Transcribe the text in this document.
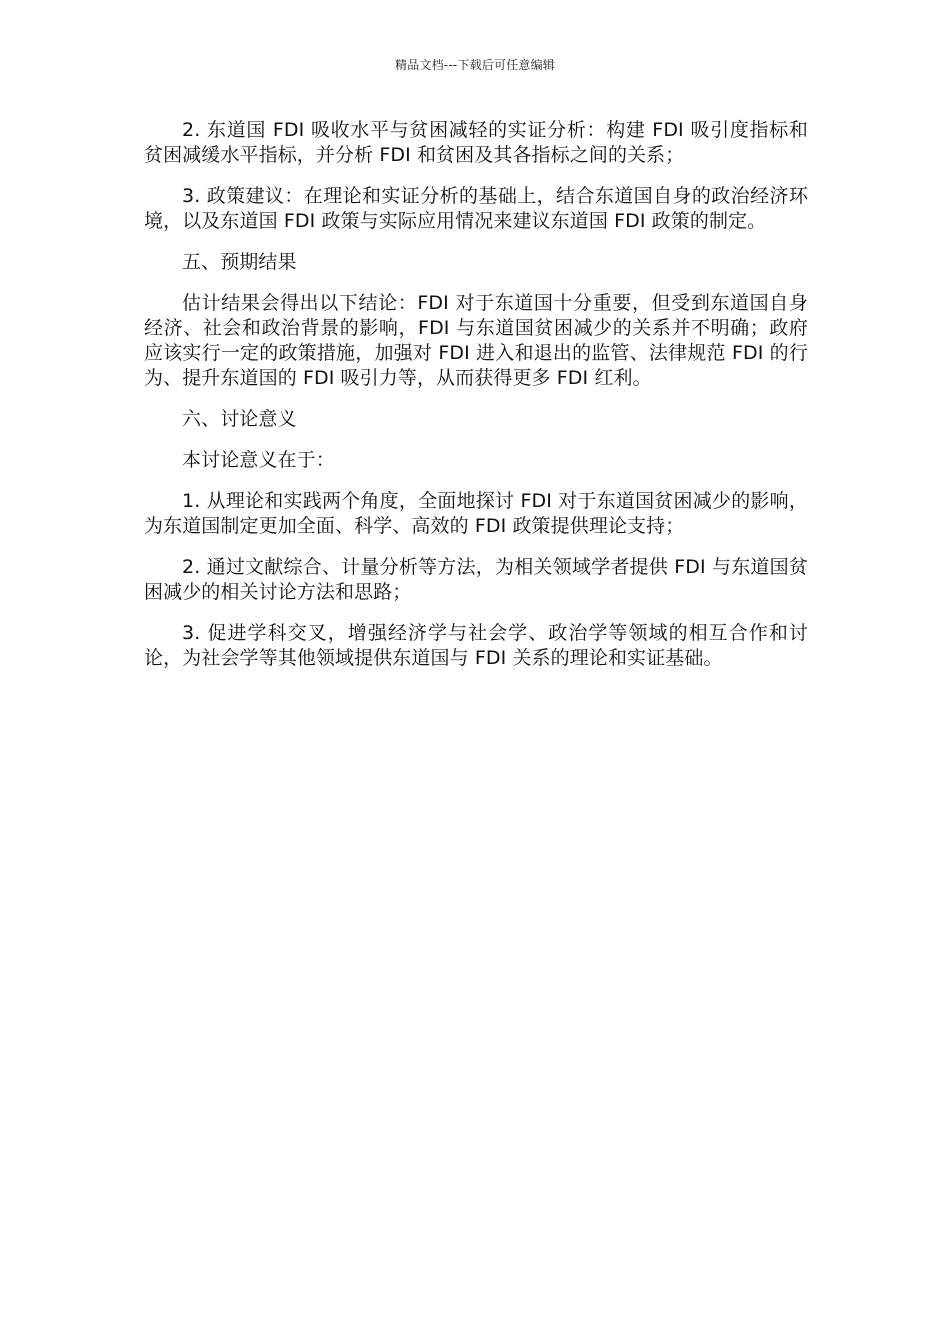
精品文档---下载后可任意编辑

2. 东道国 FDI 吸收水平与贫困减轻的实证分析：构建 FDI 吸引度指标和贫困减缓水平指标，并分析 FDI 和贫困及其各指标之间的关系；

3. 政策建议：在理论和实证分析的基础上，结合东道国自身的政治经济环境，以及东道国 FDI 政策与实际应用情况来建议东道国 FDI 政策的制定。

五、预期结果

估计结果会得出以下结论：FDI 对于东道国十分重要，但受到东道国自身经济、社会和政治背景的影响，FDI 与东道国贫困减少的关系并不明确；政府应该实行一定的政策措施，加强对 FDI 进入和退出的监管、法律规范 FDI 的行为、提升东道国的 FDI 吸引力等，从而获得更多 FDI 红利。

六、讨论意义

本讨论意义在于：

1. 从理论和实践两个角度，全面地探讨 FDI 对于东道国贫困减少的影响，为东道国制定更加全面、科学、高效的 FDI 政策提供理论支持；

2. 通过文献综合、计量分析等方法，为相关领域学者提供 FDI 与东道国贫困减少的相关讨论方法和思路；

3. 促进学科交叉，增强经济学与社会学、政治学等领域的相互合作和讨论，为社会学等其他领域提供东道国与 FDI 关系的理论和实证基础。
